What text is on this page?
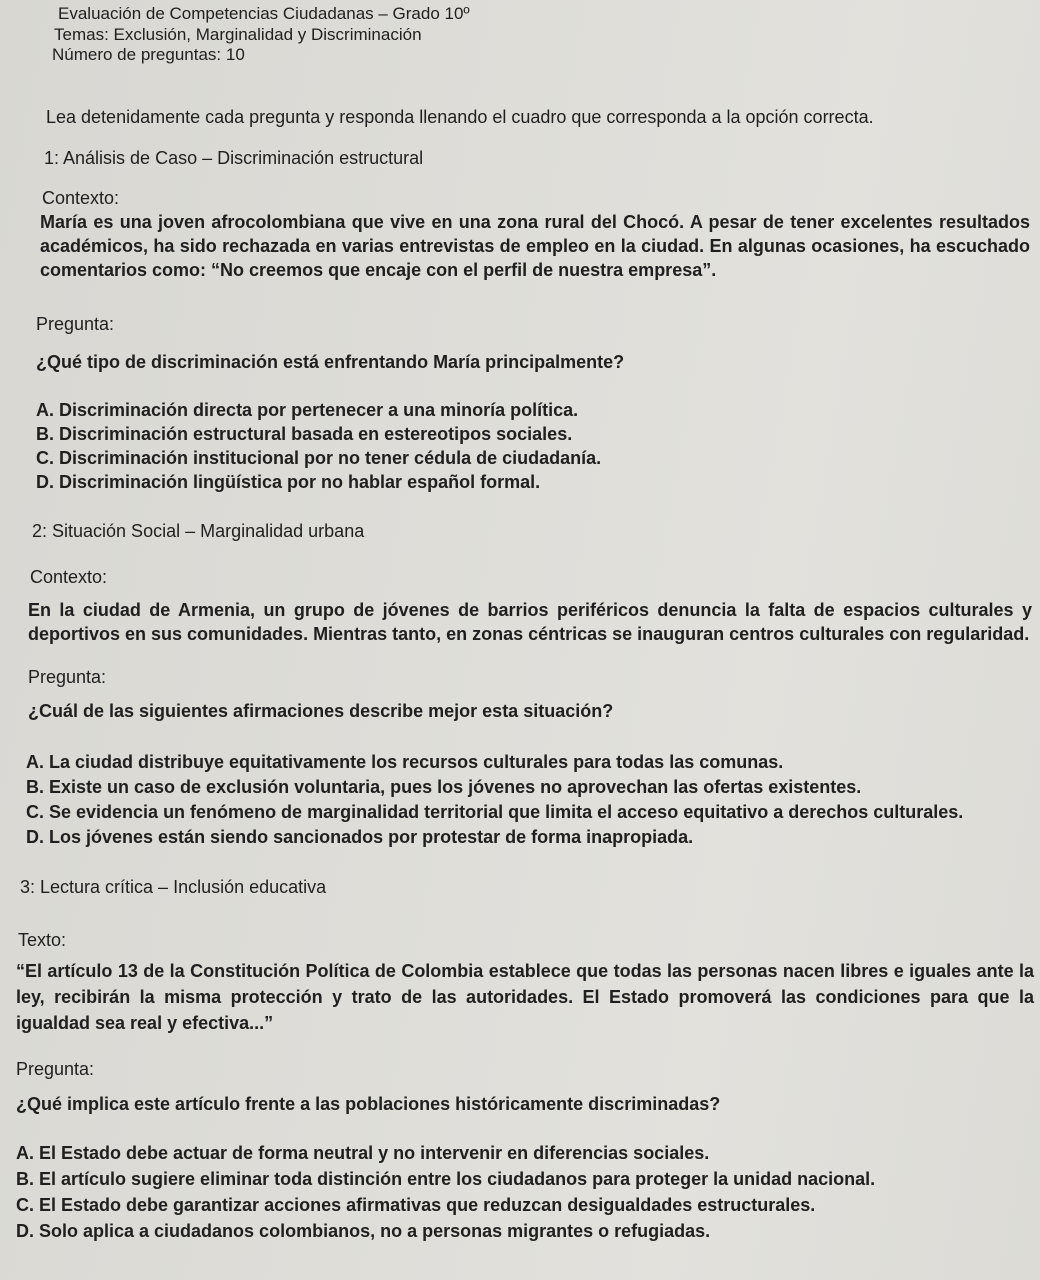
Evaluación de Competencias Ciudadanas – Grado 10º
Temas: Exclusión, Marginalidad y Discriminación
Número de preguntas: 10
Lea detenidamente cada pregunta y responda llenando el cuadro que corresponda a la opción correcta.
1: Análisis de Caso – Discriminación estructural
Contexto:
María es una joven afrocolombiana que vive en una zona rural del Chocó. A pesar de tener excelentes resultados académicos, ha sido rechazada en varias entrevistas de empleo en la ciudad. En algunas ocasiones, ha escuchado comentarios como: “No creemos que encaje con el perfil de nuestra empresa”.
Pregunta:
¿Qué tipo de discriminación está enfrentando María principalmente?
A. Discriminación directa por pertenecer a una minoría política.
B. Discriminación estructural basada en estereotipos sociales.
C. Discriminación institucional por no tener cédula de ciudadanía.
D. Discriminación lingüística por no hablar español formal.
2: Situación Social – Marginalidad urbana
Contexto:
En la ciudad de Armenia, un grupo de jóvenes de barrios periféricos denuncia la falta de espacios culturales y deportivos en sus comunidades. Mientras tanto, en zonas céntricas se inauguran centros culturales con regularidad.
Pregunta:
¿Cuál de las siguientes afirmaciones describe mejor esta situación?
A. La ciudad distribuye equitativamente los recursos culturales para todas las comunas.
B. Existe un caso de exclusión voluntaria, pues los jóvenes no aprovechan las ofertas existentes.
C. Se evidencia un fenómeno de marginalidad territorial que limita el acceso equitativo a derechos culturales.
D. Los jóvenes están siendo sancionados por protestar de forma inapropiada.
3: Lectura crítica – Inclusión educativa
Texto:
“El artículo 13 de la Constitución Política de Colombia establece que todas las personas nacen libres e iguales ante la ley, recibirán la misma protección y trato de las autoridades. El Estado promoverá las condiciones para que la igualdad sea real y efectiva...”
Pregunta:
¿Qué implica este artículo frente a las poblaciones históricamente discriminadas?
A. El Estado debe actuar de forma neutral y no intervenir en diferencias sociales.
B. El artículo sugiere eliminar toda distinción entre los ciudadanos para proteger la unidad nacional.
C. El Estado debe garantizar acciones afirmativas que reduzcan desigualdades estructurales.
D. Solo aplica a ciudadanos colombianos, no a personas migrantes o refugiadas.
